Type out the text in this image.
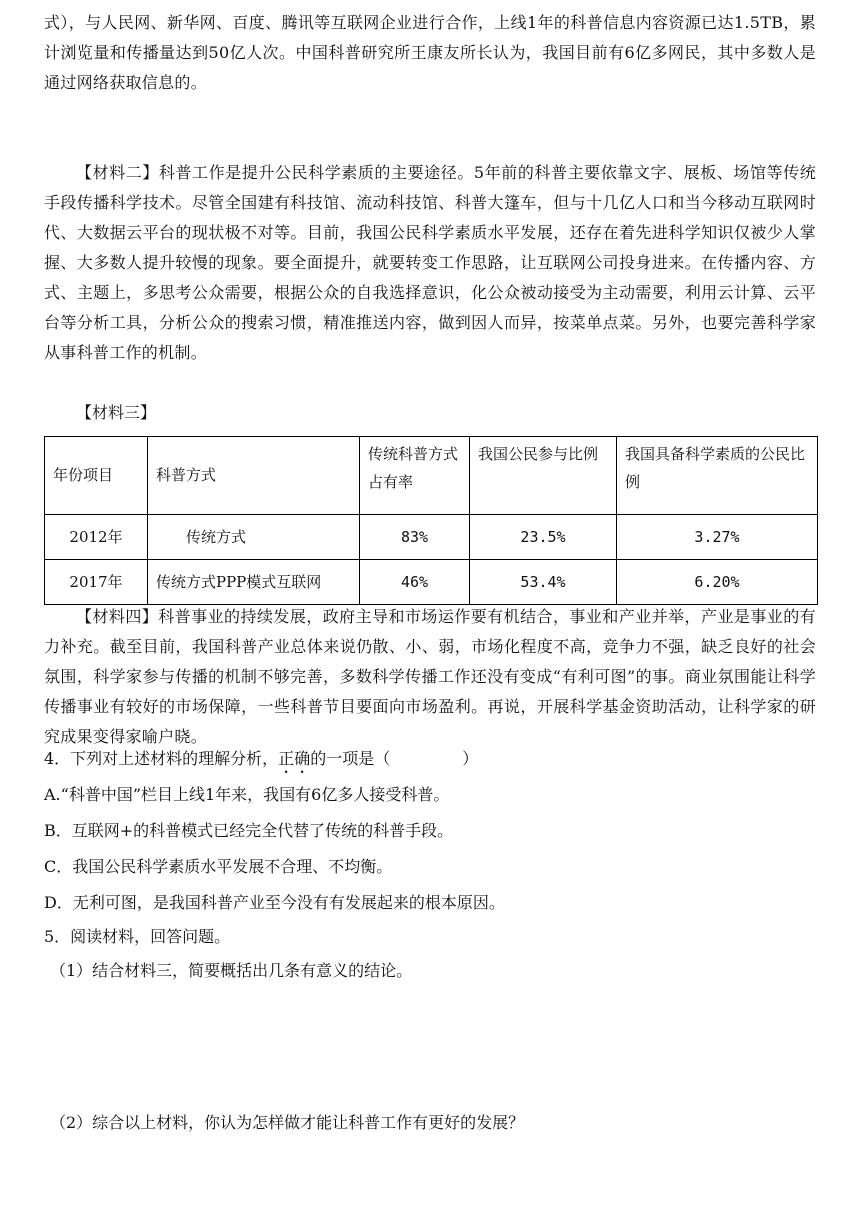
式），与人民网、新华网、百度、腾讯等互联网企业进行合作，上线1年的科普信息内容资源已达1.5TB，累计浏览量和传播量达到50亿人次。中国科普研究所王康友所长认为，我国目前有6亿多网民，其中多数人是通过网络获取信息的。

【材料二】科普工作是提升公民科学素质的主要途径。5年前的科普主要依靠文字、展板、场馆等传统手段传播科学技术。尽管全国建有科技馆、流动科技馆、科普大篷车，但与十几亿人口和当今移动互联网时代、大数据云平台的现状极不对等。目前，我国公民科学素质水平发展，还存在着先进科学知识仅被少人掌握、大多数人提升较慢的现象。要全面提升，就要转变工作思路，让互联网公司投身进来。在传播内容、方式、主题上，多思考公众需要，根据公众的自我选择意识，化公众被动接受为主动需要，利用云计算、云平台等分析工具，分析公众的搜索习惯，精准推送内容，做到因人而异，按菜单点菜。另外，也要完善科学家从事科普工作的机制。

【材料三】

年份项目	科普方式	传统科普方式占有率	我国公民参与比例	我国具备科学素质的公民比例
2012年	传统方式	83%	23.5%	3.27%
2017年	传统方式PPP模式互联网	46%	53.4%	6.20%

【材料四】科普事业的持续发展，政府主导和市场运作要有机结合，事业和产业并举，产业是事业的有力补充。截至目前，我国科普产业总体来说仍散、小、弱，市场化程度不高，竞争力不强，缺乏良好的社会氛围，科学家参与传播的机制不够完善，多数科学传播工作还没有变成“有利可图”的事。商业氛围能让科学传播事业有较好的市场保障，一些科普节目要面向市场盈利。再说，开展科学基金资助活动，让科学家的研究成果变得家喻户晓。

4．下列对上述材料的理解分析，正确的一项是（	）

A.“科普中国”栏目上线1年来，我国有6亿多人接受科普。

B．互联网+的科普模式已经完全代替了传统的科普手段。

C．我国公民科学素质水平发展不合理、不均衡。

D．无利可图，是我国科普产业至今没有有发展起来的根本原因。

5．阅读材料，回答问题。

（1）结合材料三，简要概括出几条有意义的结论。

（2）综合以上材料，你认为怎样做才能让科普工作有更好的发展？
